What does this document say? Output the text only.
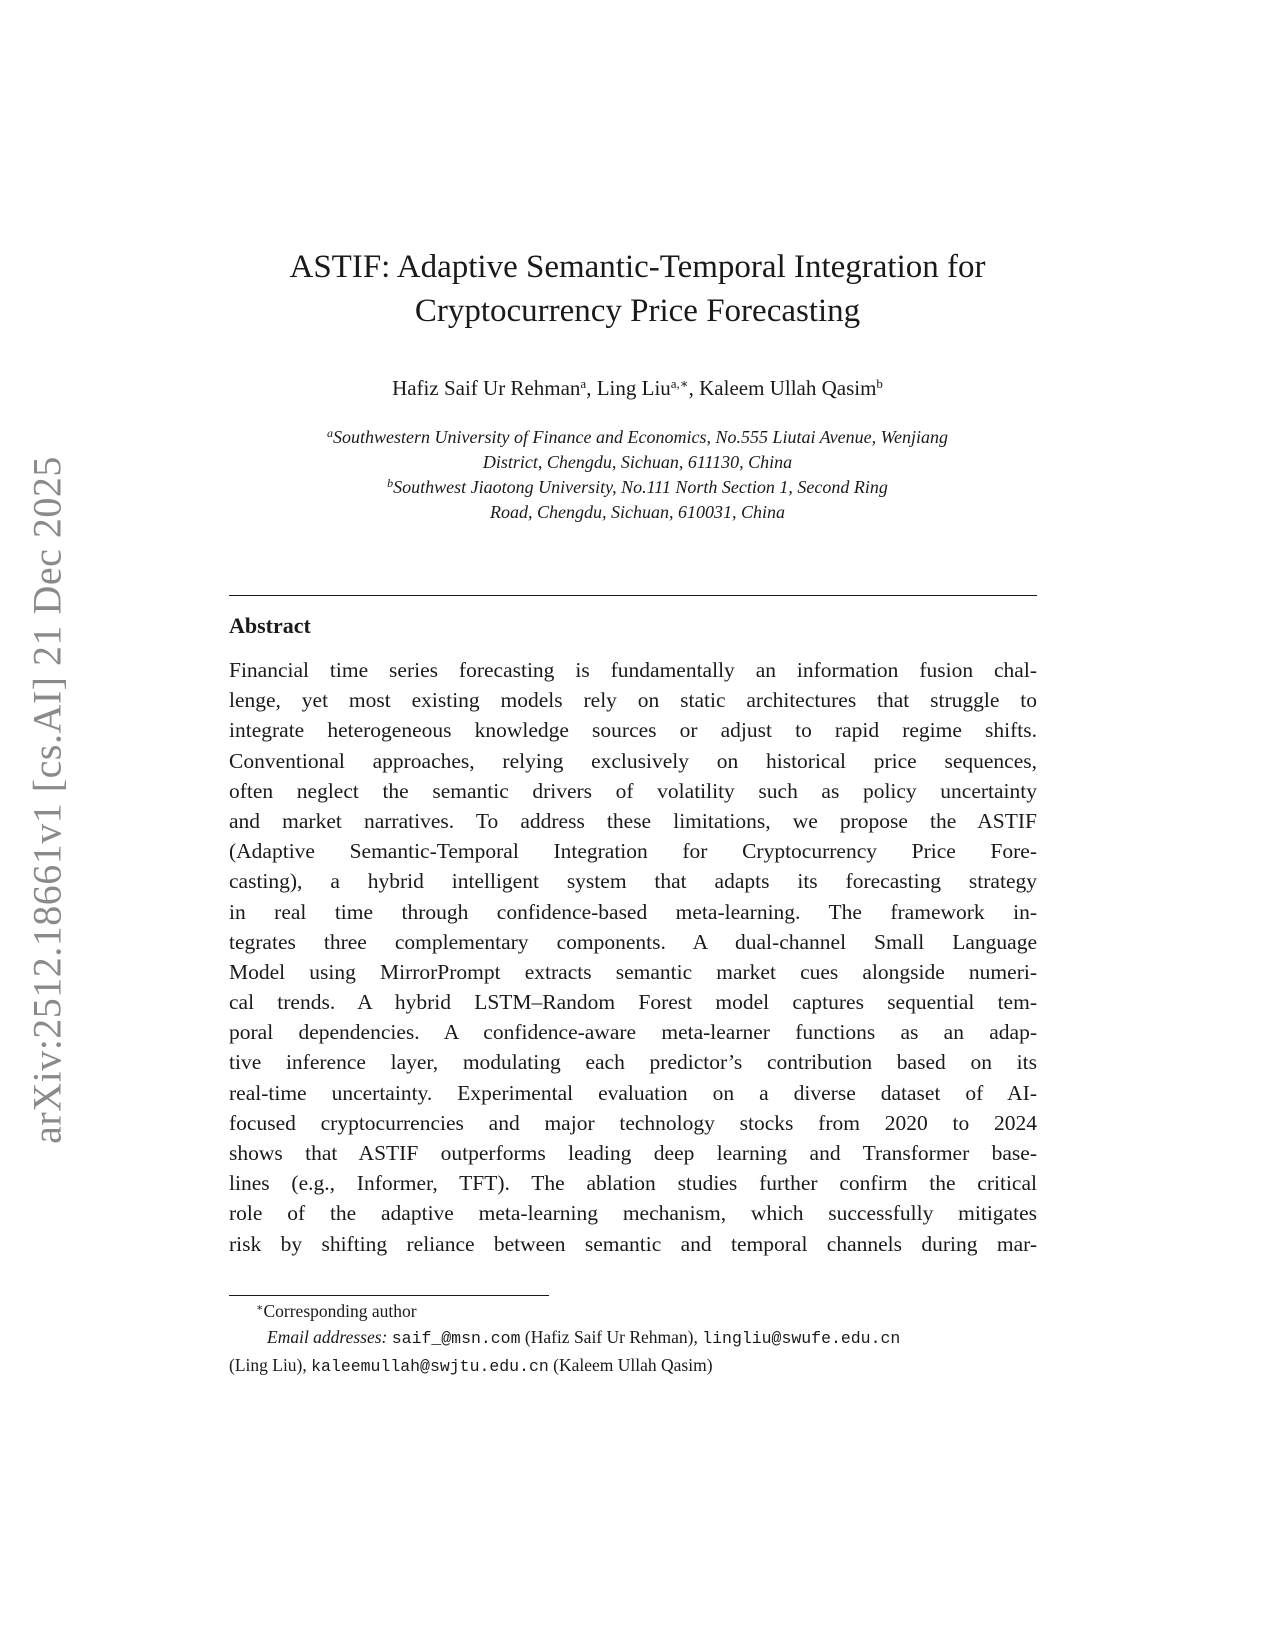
arXiv:2512.18661v1 [cs.AI] 21 Dec 2025
ASTIF: Adaptive Semantic-Temporal Integration for
Cryptocurrency Price Forecasting
Hafiz Saif Ur Rehman$^a$, Ling Liu$^{a,∗}$, Kaleem Ullah Qasim$^b$
$^a$Southwestern University of Finance and Economics, No.555 Liutai Avenue, Wenjiang
District, Chengdu, Sichuan, 611130, China
$^b$Southwest Jiaotong University, No.111 North Section 1, Second Ring
Road, Chengdu, Sichuan, 610031, China
Abstract
Financial time series forecasting is fundamentally an information fusion chal-
lenge, yet most existing models rely on static architectures that struggle to
integrate heterogeneous knowledge sources or adjust to rapid regime shifts.
Conventional approaches, relying exclusively on historical price sequences,
often neglect the semantic drivers of volatility such as policy uncertainty
and market narratives. To address these limitations, we propose the ASTIF
(Adaptive Semantic-Temporal Integration for Cryptocurrency Price Fore-
casting), a hybrid intelligent system that adapts its forecasting strategy
in real time through confidence-based meta-learning. The framework in-
tegrates three complementary components. A dual-channel Small Language
Model using MirrorPrompt extracts semantic market cues alongside numeri-
cal trends. A hybrid LSTM–Random Forest model captures sequential tem-
poral dependencies. A confidence-aware meta-learner functions as an adap-
tive inference layer, modulating each predictor’s contribution based on its
real-time uncertainty. Experimental evaluation on a diverse dataset of AI-
focused cryptocurrencies and major technology stocks from 2020 to 2024
shows that ASTIF outperforms leading deep learning and Transformer base-
lines (e.g., Informer, TFT). The ablation studies further confirm the critical
role of the adaptive meta-learning mechanism, which successfully mitigates
risk by shifting reliance between semantic and temporal channels during mar-
∗Corresponding author
Email addresses: saif_@msn.com (Hafiz Saif Ur Rehman), lingliu@swufe.edu.cn
(Ling Liu), kaleemullah@swjtu.edu.cn (Kaleem Ullah Qasim)
